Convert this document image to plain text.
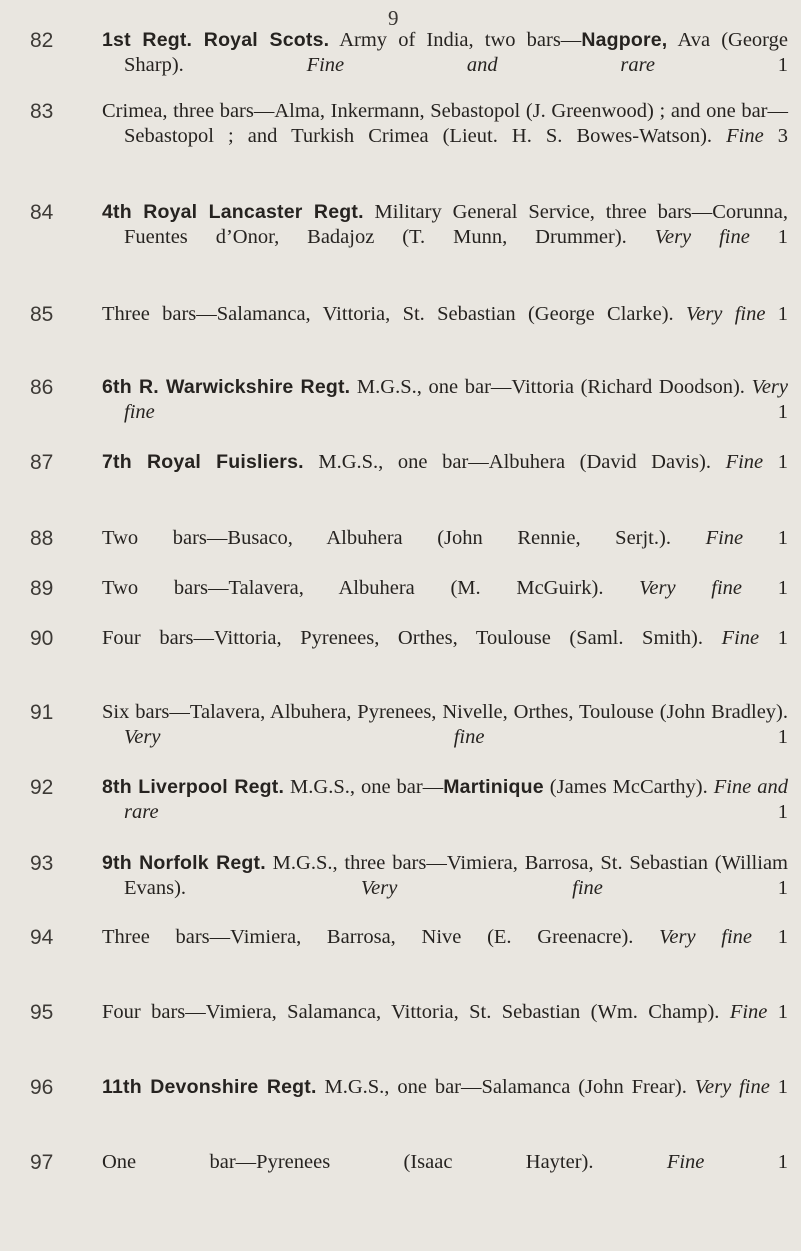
9
82	1st Regt. Royal Scots. Army of India, two bars—Nagpore, Ava (George Sharp). Fine and rare 1
83	Crimea, three bars—Alma, Inkermann, Sebastopol (J. Greenwood) ; and one bar—Sebastopol ; and Turkish Crimea (Lieut. H. S. Bowes-Watson). Fine 3
84	4th Royal Lancaster Regt. Military General Service, three bars—Corunna, Fuentes d’Onor, Badajoz (T. Munn, Drummer). Very fine 1
85	Three bars—Salamanca, Vittoria, St. Sebastian (George Clarke). Very fine 1
86	6th R. Warwickshire Regt. M.G.S., one bar—Vittoria (Richard Doodson). Very fine 1
87	7th Royal Fuisliers. M.G.S., one bar—Albuhera (David Davis). Fine 1
88	Two bars—Busaco, Albuhera (John Rennie, Serjt.). Fine 1
89	Two bars—Talavera, Albuhera (M. McGuirk). Very fine 1
90	Four bars—Vittoria, Pyrenees, Orthes, Toulouse (Saml. Smith). Fine 1
91	Six bars—Talavera, Albuhera, Pyrenees, Nivelle, Orthes, Toulouse (John Bradley). Very fine 1
92	8th Liverpool Regt. M.G.S., one bar—Martinique (James McCarthy). Fine and rare 1
93	9th Norfolk Regt. M.G.S., three bars—Vimiera, Barrosa, St. Sebastian (William Evans). Very fine 1
94	Three bars—Vimiera, Barrosa, Nive (E. Greenacre). Very fine 1
95	Four bars—Vimiera, Salamanca, Vittoria, St. Sebastian (Wm. Champ). Fine 1
96	11th Devonshire Regt. M.G.S., one bar—Salamanca (John Frear). Very fine 1
97	One bar—Pyrenees (Isaac Hayter). Fine 1
